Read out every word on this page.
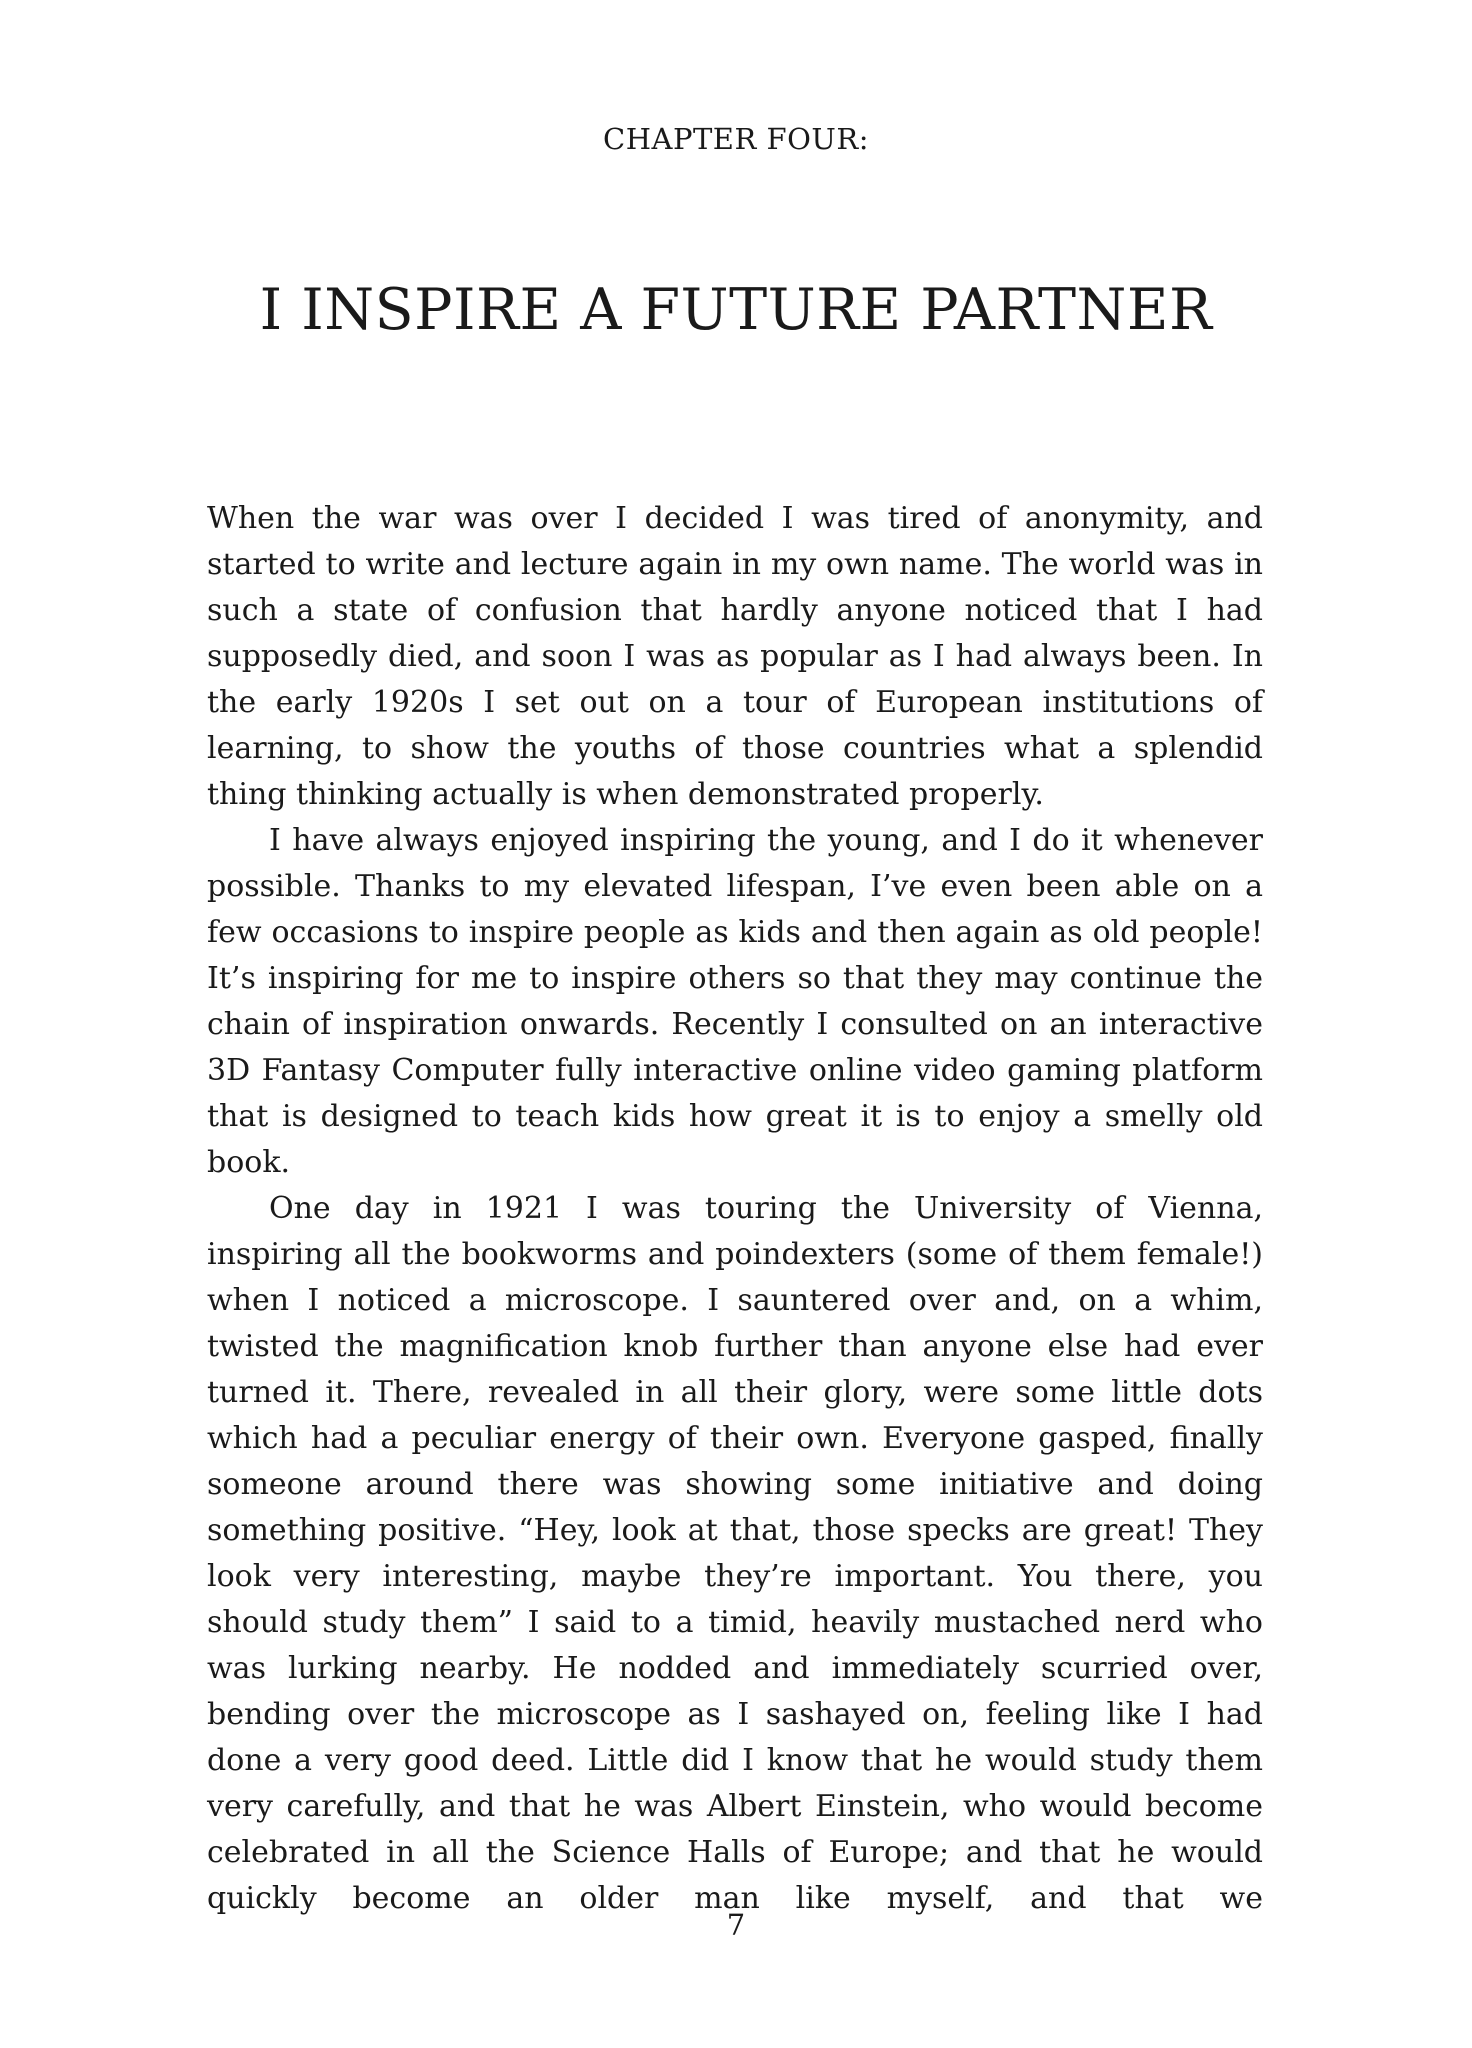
CHAPTER FOUR:
I INSPIRE A FUTURE PARTNER

When the war was over I decided I was tired of anonymity, and started to write and lecture again in my own name. The world was in such a state of confusion that hardly anyone noticed that I had supposedly died, and soon I was as popular as I had always been. In the early 1920s I set out on a tour of European institutions of learning, to show the youths of those countries what a splendid thing thinking actually is when demonstrated properly.

I have always enjoyed inspiring the young, and I do it whenever possible. Thanks to my elevated lifespan, I’ve even been able on a few occasions to inspire people as kids and then again as old people! It’s inspiring for me to inspire others so that they may continue the chain of inspiration onwards. Recently I consulted on an interactive 3D Fantasy Computer fully interactive online video gaming platform that is designed to teach kids how great it is to enjoy a smelly old book.

One day in 1921 I was touring the University of Vienna, inspiring all the bookworms and poindexters (some of them female!) when I noticed a microscope. I sauntered over and, on a whim, twisted the magnification knob further than anyone else had ever turned it. There, revealed in all their glory, were some little dots which had a peculiar energy of their own. Everyone gasped, finally someone around there was showing some initiative and doing something positive. “Hey, look at that, those specks are great! They look very interesting, maybe they’re important. You there, you should study them” I said to a timid, heavily mustached nerd who was lurking nearby. He nodded and immediately scurried over, bending over the microscope as I sashayed on, feeling like I had done a very good deed. Little did I know that he would study them very carefully, and that he was Albert Einstein, who would become celebrated in all the Science Halls of Europe; and that he would quickly become an older man like myself, and that we

7
